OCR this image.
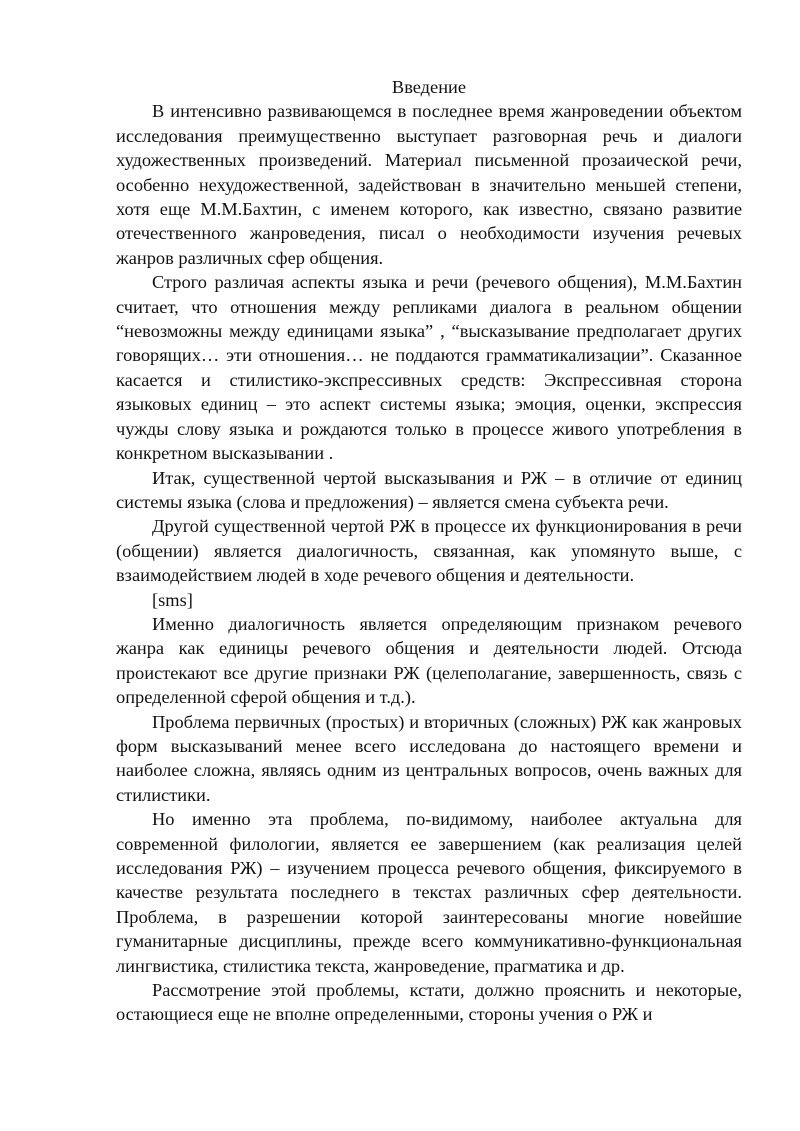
Введение

В интенсивно развивающемся в последнее время жанроведении объектом исследования преимущественно выступает разговорная речь и диалоги художественных произведений. Материал письменной прозаической речи, особенно нехудожественной, задействован в значительно меньшей степени, хотя еще М.М.Бахтин, с именем которого, как известно, связано развитие отечественного жанроведения, писал о необходимости изучения речевых жанров различных сфер общения.

Строго различая аспекты языка и речи (речевого общения), М.М.Бахтин считает, что отношения между репликами диалога в реальном общении “невозможны между единицами языка” , “высказывание предполагает других говорящих… эти отношения… не поддаются грамматикализации”. Сказанное касается и стилистико-экспрессивных средств: Экспрессивная сторона языковых единиц – это аспект системы языка; эмоция, оценки, экспрессия чужды слову языка и рождаются только в процессе живого употребления в конкретном высказывании .

Итак, существенной чертой высказывания и РЖ – в отличие от единиц системы языка (слова и предложения) – является смена субъекта речи.

Другой существенной чертой РЖ в процессе их функционирования в речи (общении) является диалогичность, связанная, как упомянуто выше, с взаимодействием людей в ходе речевого общения и деятельности.

[sms]

Именно диалогичность является определяющим признаком речевого жанра как единицы речевого общения и деятельности людей. Отсюда проистекают все другие признаки РЖ (целеполагание, завершенность, связь с определенной сферой общения и т.д.).

Проблема первичных (простых) и вторичных (сложных) РЖ как жанровых форм высказываний менее всего исследована до настоящего времени и наиболее сложна, являясь одним из центральных вопросов, очень важных для стилистики.

Но именно эта проблема, по-видимому, наиболее актуальна для современной филологии, является ее завершением (как реализация целей исследования РЖ) – изучением процесса речевого общения, фиксируемого в качестве результата последнего в текстах различных сфер деятельности. Проблема, в разрешении которой заинтересованы многие новейшие гуманитарные дисциплины, прежде всего коммуникативно-функциональная лингвистика, стилистика текста, жанроведение, прагматика и др.

Рассмотрение этой проблемы, кстати, должно прояснить и некоторые, остающиеся еще не вполне определенными, стороны учения о РЖ и
